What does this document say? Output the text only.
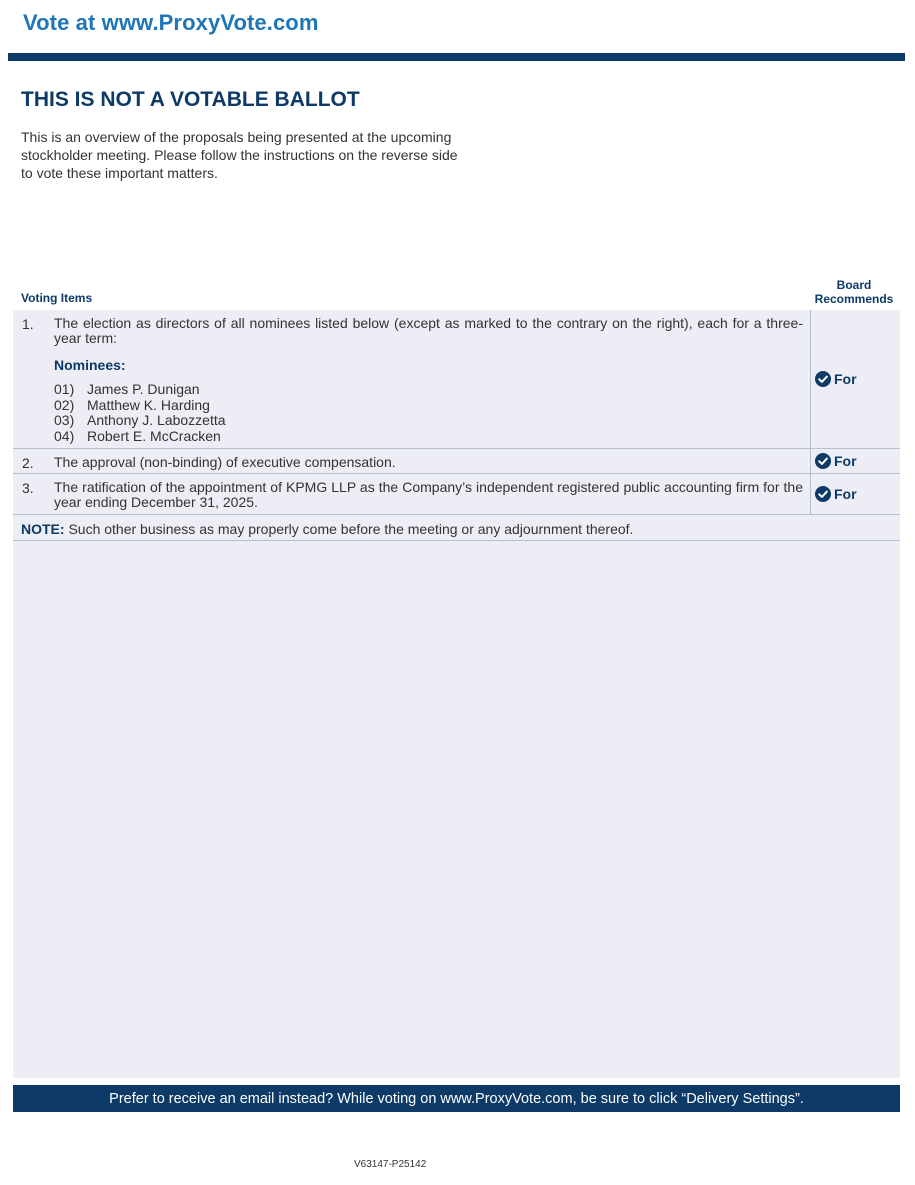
Vote at www.ProxyVote.com
THIS IS NOT A VOTABLE BALLOT
This is an overview of the proposals being presented at the upcoming stockholder meeting. Please follow the instructions on the reverse side to vote these important matters.
Voting Items
Board
Recommends
1. The election as directors of all nominees listed below (except as marked to the contrary on the right), each for a three-year term:
Nominees:
01) James P. Dunigan
02) Matthew K. Harding
03) Anthony J. Labozzetta
04) Robert E. McCracken
For
2. The approval (non-binding) of executive compensation.	For
3. The ratification of the appointment of KPMG LLP as the Company’s independent registered public accounting firm for the year ending December 31, 2025.	For
NOTE: Such other business as may properly come before the meeting or any adjournment thereof.
Prefer to receive an email instead? While voting on www.ProxyVote.com, be sure to click “Delivery Settings”.
V63147-P25142
